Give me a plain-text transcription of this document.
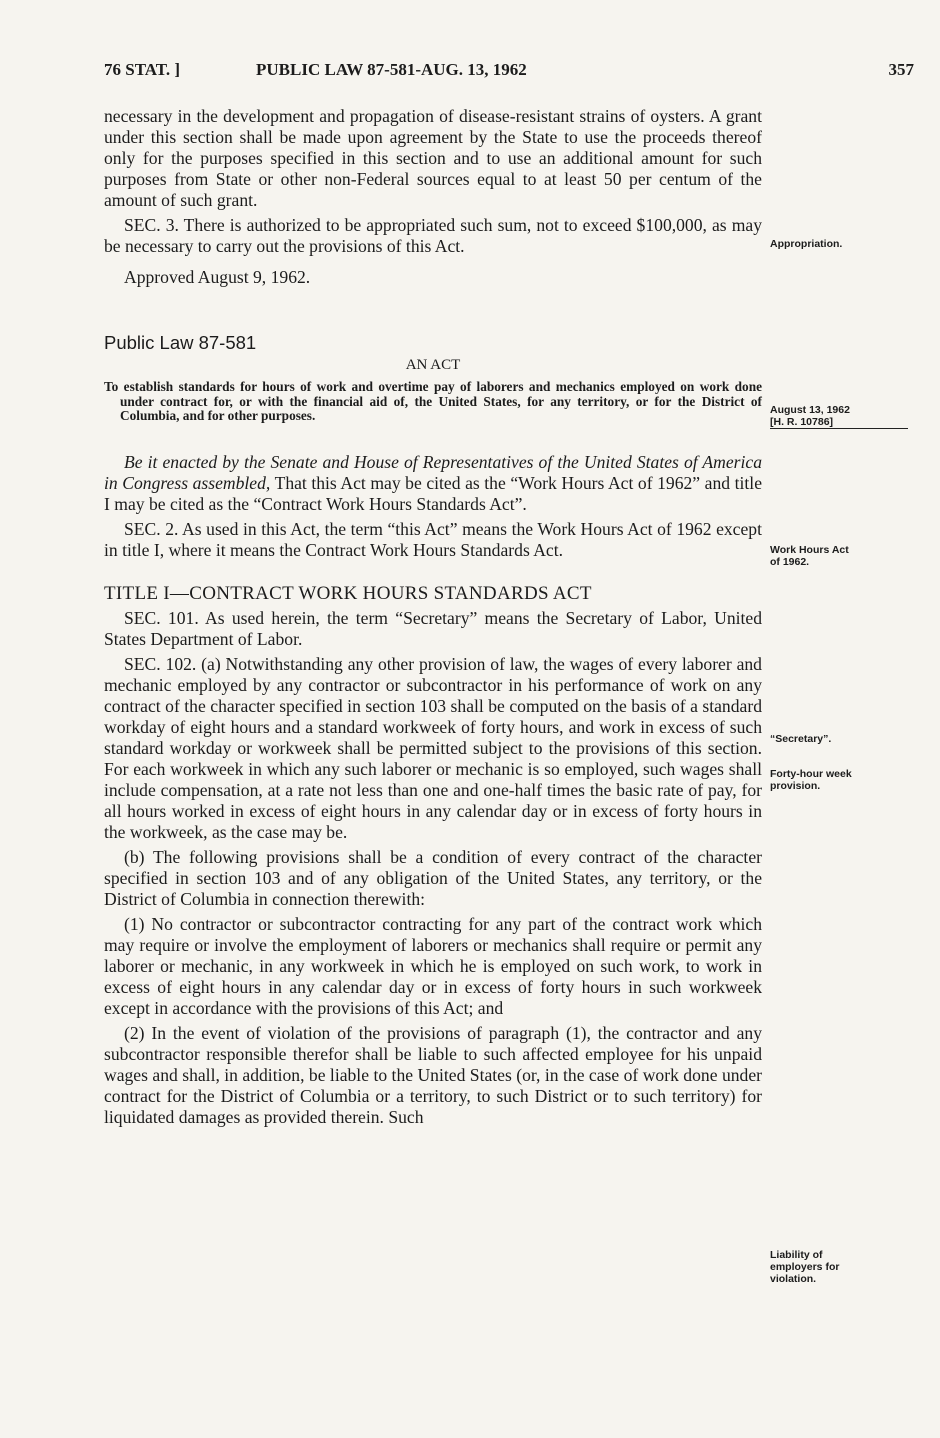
76 STAT. ]	PUBLIC LAW 87-581-AUG. 13, 1962	357

necessary in the development and propagation of disease-resistant strains of oysters. A grant under this section shall be made upon agreement by the State to use the proceeds thereof only for the purposes specified in this section and to use an additional amount for such purposes from State or other non-Federal sources equal to at least 50 per centum of the amount of such grant.

SEC. 3. There is authorized to be appropriated such sum, not to exceed $100,000, as may be necessary to carry out the provisions of this Act.

Approved August 9, 1962.

Public Law 87-581

AN ACT

To establish standards for hours of work and overtime pay of laborers and mechanics employed on work done under contract for, or with the financial aid of, the United States, for any territory, or for the District of Columbia, and for other purposes.

Be it enacted by the Senate and House of Representatives of the United States of America in Congress assembled, That this Act may be cited as the “Work Hours Act of 1962” and title I may be cited as the “Contract Work Hours Standards Act”.

SEC. 2. As used in this Act, the term “this Act” means the Work Hours Act of 1962 except in title I, where it means the Contract Work Hours Standards Act.

TITLE I—CONTRACT WORK HOURS STANDARDS ACT

SEC. 101. As used herein, the term “Secretary” means the Secretary of Labor, United States Department of Labor.

SEC. 102. (a) Notwithstanding any other provision of law, the wages of every laborer and mechanic employed by any contractor or subcontractor in his performance of work on any contract of the character specified in section 103 shall be computed on the basis of a standard workday of eight hours and a standard workweek of forty hours, and work in excess of such standard workday or workweek shall be permitted subject to the provisions of this section. For each workweek in which any such laborer or mechanic is so employed, such wages shall include compensation, at a rate not less than one and one-half times the basic rate of pay, for all hours worked in excess of eight hours in any calendar day or in excess of forty hours in the workweek, as the case may be.

(b) The following provisions shall be a condition of every contract of the character specified in section 103 and of any obligation of the United States, any territory, or the District of Columbia in connection therewith:

(1) No contractor or subcontractor contracting for any part of the contract work which may require or involve the employment of laborers or mechanics shall require or permit any laborer or mechanic, in any workweek in which he is employed on such work, to work in excess of eight hours in any calendar day or in excess of forty hours in such workweek except in accordance with the provisions of this Act; and

(2) In the event of violation of the provisions of paragraph (1), the contractor and any subcontractor responsible therefor shall be liable to such affected employee for his unpaid wages and shall, in addition, be liable to the United States (or, in the case of work done under contract for the District of Columbia or a territory, to such District or to such territory) for liquidated damages as provided therein. Such

Appropriation.
August 13, 1962
[H. R. 10786]
Work Hours Act
of 1962.
“Secretary”.
Forty-hour week
provision.
Liability of
employers for
violation.
